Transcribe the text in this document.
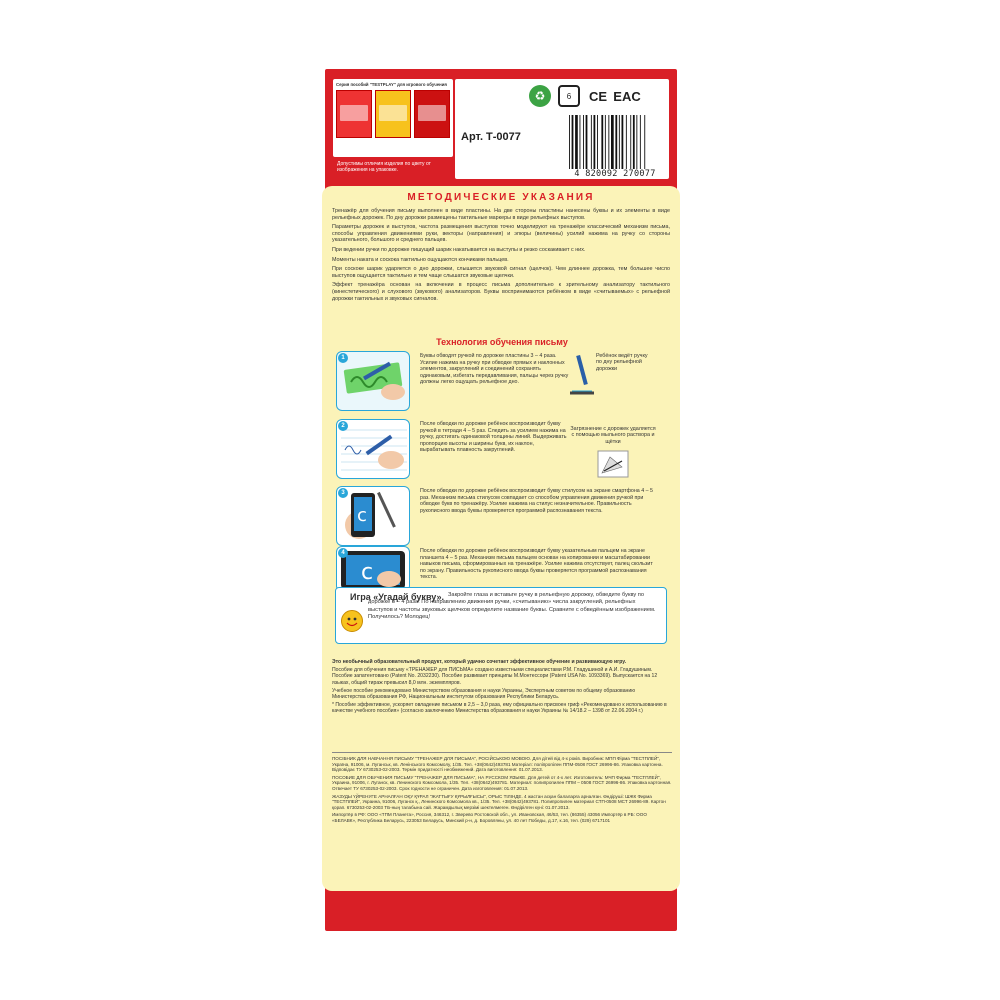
Серия пособий "TESTPLAY" для игрового обучения
Допустимы отличия изделия по цвету от изображения на упаковке.
♻	6	CE EAC
Арт. Т-0077
4 820092 270077
МЕТОДИЧЕСКИЕ УКАЗАНИЯ

Тренажёр для обучения письму выполнен в виде пластины. На две стороны пластины нанесены буквы и их элементы в виде рельефных дорожек. По дну дорожки размещены тактильные маркеры в виде рельефных выступов.

Параметры дорожек и выступов, частота размещения выступов точно моделируют на тренажёре классический механизм письма, способы управления движениями руки, векторы (направления) и эпюры (величины) усилий нажима на ручку со стороны указательного, большого и среднего пальцев.

При ведении ручки по дорожке пишущий шарик накатывается на выступы и резко соскакивает с них.

Моменты наката и соскока тактильно ощущаются кончиками пальцев.

При соскоке шарик ударяется о дно дорожки, слышится звуковой сигнал (щелчок). Чем длиннее дорожка, тем большее число выступов ощущается тактильно и тем чаще слышатся звуковые щелчки.

Эффект тренажёра основан на включении в процесс письма дополнительно к зрительному анализатору тактильного (кинестетического) и слухового (звукового) анализаторов. Буквы воспринимаются ребёнком в виде «считываемых» с рельефной дорожки тактильных и звуковых сигналов.

Технология обучения письму
1	Буквы обводят ручкой по дорожке пластины 3 – 4 раза. Усилие нажима на ручку при обводке прямых и наклонных элементов, закруглений и соединений сохранять одинаковым, избегать передавливания, пальцы через ручку должны легко ощущать рельефное дно.
Ребёнок ведёт ручку по дну рельефной дорожки
2	После обводки по дорожке ребёнок воспроизводит букву ручкой в тетради 4 – 5 раз. Следить за усилием нажима на ручку, достигать одинаковой толщины линий. Выдерживать пропорцию высоты и ширины букв, их наклон, вырабатывать плавность закруглений.
Загрязнение с дорожек удаляется с помощью мыльного раствора и щётки
с
3	После обводки по дорожке ребёнок воспроизводит букву стилусом на экране смартфона 4 – 5 раз. Механизм письма стилусом совпадает со способом управления движения ручкой при обводке букв по тренажёру. Усилие нажима на стилус незначительное. Правильность рукописного ввода буквы проверяется программой распознавания текста.
с
4	После обводки по дорожке ребёнок воспроизводит букву указательным пальцем на экране планшета 4 – 5 раз. Механизм письма пальцем основан на копировании и масштабировании навыков письма, сформированных на тренажёре. Усилие нажима отсутствует, палец скользит по экрану. Правильность рукописного ввода буквы проверяется программой распознавания текста.
Закройте глаза и вставьте ручку в рельефную дорожку, обведите букву по дорожке 3 – 4 раза. По направлению движения ручки, «считыванию» числа закруглений, рельефных выступов и частоты звуковых щелчков определите название буквы. Сравните с обведённым изображением. Получилось? Молодец!
Игра «Угадай букву».

Это необычный образовательный продукт, который удачно сочетает эффективное обучение и развивающую игру.

Пособие для обучения письму «ТРЕНАЖЕР для ПИСЬМА» создано известными специалистами Р.М. Гладушиной и А.И. Гладушиным. Пособие запатентовано (Patent No. 2032230). Пособие развивает принципы М.Монтессори (Patent USA No. 1093369). Выпускается на 12 языках, общий тираж превысил 8,0 млн. экземпляров.

Учебное пособие рекомендовано Министерством образования и науки Украины, Экспертным советом по общему образованию Министерства образования РФ, Национальным институтом образования Республики Беларусь.

* Пособие эффективное, ускоряет овладение письмом в 2,5 – 3,0 раза, ему официально присвоен гриф «Рекомендовано к использованию в качестве учебного пособия» (согласно заключению Министерства образования и науки Украины № 14/18.2 – 1398 от 22.06.2004 г.)

ПОСІБНИК ДЛЯ НАВЧАННЯ ПИСЬМУ "ТРЕНАЖЕР ДЛЯ ПИСЬМА", РОСІЙСЬКОЮ МОВОЮ. Для дітей від 4-х років. Виробник: МПП Фірма "ТЕСТПЛЕЙ", Україна, 91006, м. Луганськ, кв. Ленінського Комсомолу, 1/35. Тел. +38(0642)493781 Матеріал: поліпропілен ППМ-0508 ГОСТ 26996-86. Упаковка картонна. Відповідає ТУ 6730253-02-2003. Термін придатності необмежений. Дата виготовлення: 01.07.2013.

ПОСОБИЕ ДЛЯ ОБУЧЕНИЯ ПИСЬМУ "ТРЕНАЖЕР ДЛЯ ПИСЬМА", НА РУССКОМ ЯЗЫКЕ. Для детей от 4-х лет. Изготовитель: МЧП Фирма "ТЕСТПЛЕЙ", Украина, 91006, г. Луганск, кв. Ленинского Комсомола, 1/35. Тел. +38(0642)493781. Материал: полипропилен ППМ – 0508 ГОСТ 26996-86. Упаковка картонная. Отвечает ТУ 6730253-02-2003. Срок годности не ограничен. Дата изготовления: 01.07.2013.

ЖАЗУДЫ ҮЙРЕНУГЕ АРНАЛҒАН ОҚУ ҚҰРАЛ "ЖАТТЫҒУ ҚҰРЫЛҒЫСЫ", ОРЫС ТІЛІНДЕ. 4 жастан асқан балаларға арналған. Өндіруші: ШЖК Фирма "ТЕСТПЛЕЙ", Украина, 91006, Луганск қ., Ленинского Комсомола кв., 1/35. Тел. +38(0642)493781. Полипропилен материал СТП-0508 МСТ 26996-89. Картон қорап. 6730253-02-2003 ТБ-ның талабына сай. Жарамдылық мерзімі шектелмеген. Өндірілген күні: 01.07.2013.

Импортёр в РФ: ООО «ТПМ Планета», Россия, 346312, г. Зверево Ростовской обл., ул. Ивановская, 46/53, тел. (86355) 43056 Импортёр в РБ: ООО «БЕЛАВК», Республика Беларусь, 223053 Беларусь, Минский р-н, д. Боровляны, ул. 40 лет Победы, д.17, к.16, тел. (029) 6717101

Рекомендовано Министерством образования и науки Украины, официально включено в "НАБОР ПЕРВОКЛАССНИКА".
©: Р.М. Гладушина и А.И. Гладушин ©: Фирма "ТЕСТПЛЕЙ"
office@testplay.ru www.testplay.ru
